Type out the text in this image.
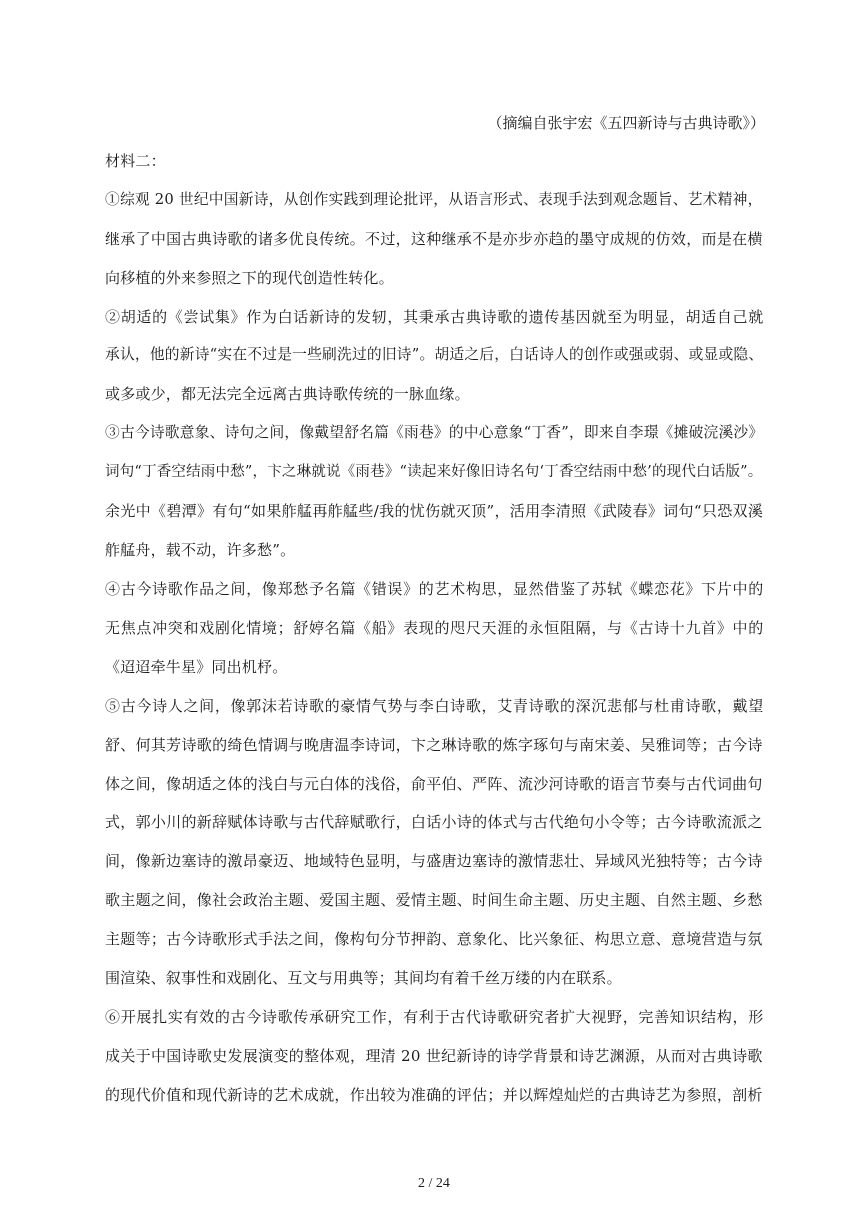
（摘编自张宇宏《五四新诗与古典诗歌》）
材料二：
①综观 20 世纪中国新诗，从创作实践到理论批评，从语言形式、表现手法到观念题旨、艺术精神，
继承了中国古典诗歌的诸多优良传统。不过，这种继承不是亦步亦趋的墨守成规的仿效，而是在横
向移植的外来参照之下的现代创造性转化。
②胡适的《尝试集》作为白话新诗的发轫，其秉承古典诗歌的遗传基因就至为明显，胡适自己就
承认，他的新诗“实在不过是一些刷洗过的旧诗”。胡适之后，白话诗人的创作或强或弱、或显或隐、
或多或少，都无法完全远离古典诗歌传统的一脉血缘。
③古今诗歌意象、诗句之间，像戴望舒名篇《雨巷》的中心意象“丁香”，即来自李璟《摊破浣溪沙》
词句“丁香空结雨中愁”，卞之琳就说《雨巷》“读起来好像旧诗名句‘丁香空结雨中愁’的现代白话版”。
余光中《碧潭》有句“如果舴艋再舴艋些/我的忧伤就灭顶”，活用李清照《武陵春》词句“只恐双溪
舴艋舟，载不动，许多愁”。
④古今诗歌作品之间，像郑愁予名篇《错误》的艺术构思，显然借鉴了苏轼《蝶恋花》下片中的
无焦点冲突和戏剧化情境；舒婷名篇《船》表现的咫尺天涯的永恒阻隔，与《古诗十九首》中的
《迢迢牵牛星》同出机杼。
⑤古今诗人之间，像郭沫若诗歌的豪情气势与李白诗歌，艾青诗歌的深沉悲郁与杜甫诗歌，戴望
舒、何其芳诗歌的绮色情调与晚唐温李诗词，卞之琳诗歌的炼字琢句与南宋姜、吴雅词等；古今诗
体之间，像胡适之体的浅白与元白体的浅俗，俞平伯、严阵、流沙河诗歌的语言节奏与古代词曲句
式，郭小川的新辞赋体诗歌与古代辞赋歌行，白话小诗的体式与古代绝句小令等；古今诗歌流派之
间，像新边塞诗的激昂豪迈、地域特色显明，与盛唐边塞诗的激情悲壮、异域风光独特等；古今诗
歌主题之间，像社会政治主题、爱国主题、爱情主题、时间生命主题、历史主题、自然主题、乡愁
主题等；古今诗歌形式手法之间，像构句分节押韵、意象化、比兴象征、构思立意、意境营造与氛
围渲染、叙事性和戏剧化、互文与用典等；其间均有着千丝万缕的内在联系。
⑥开展扎实有效的古今诗歌传承研究工作，有利于古代诗歌研究者扩大视野，完善知识结构，形
成关于中国诗歌史发展演变的整体观，理清 20 世纪新诗的诗学背景和诗艺渊源，从而对古典诗歌
的现代价值和现代新诗的艺术成就，作出较为准确的评估；并以辉煌灿烂的古典诗艺为参照，剖析
2 / 24
